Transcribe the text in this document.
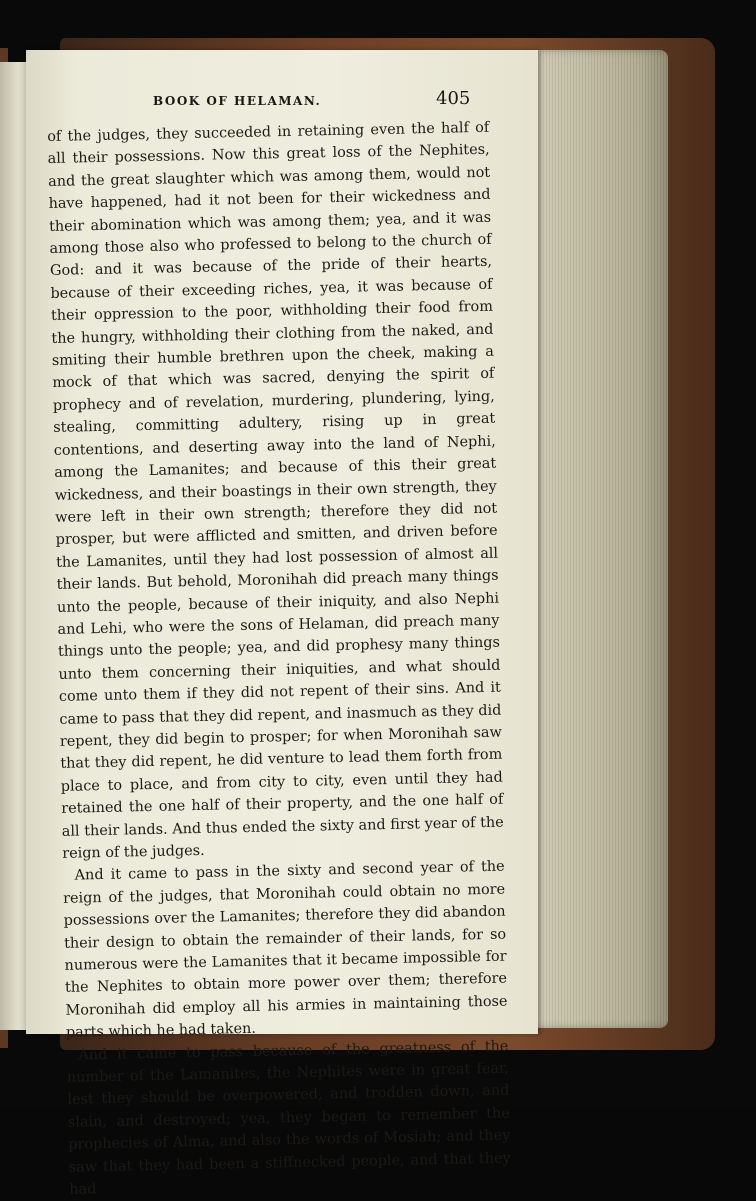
BOOK OF HELAMAN.	405

of the judges, they succeeded in retaining even the half of all their possessions. Now this great loss of the Nephites, and the great slaughter which was among them, would not have happened, had it not been for their wickedness and their abomination which was among them; yea, and it was among those also who professed to belong to the church of God: and it was because of the pride of their hearts, because of their exceeding riches, yea, it was because of their oppression to the poor, withholding their food from the hungry, withholding their clothing from the naked, and smiting their humble brethren upon the cheek, making a mock of that which was sacred, denying the spirit of prophecy and of revelation, murdering, plundering, lying, stealing, committing adultery, rising up in great contentions, and deserting away into the land of Nephi, among the Lamanites; and because of this their great wickedness, and their boastings in their own strength, they were left in their own strength; therefore they did not prosper, but were afflicted and smitten, and driven before the Lamanites, until they had lost possession of almost all their lands. But behold, Moronihah did preach many things unto the people, because of their iniquity, and also Nephi and Lehi, who were the sons of Helaman, did preach many things unto the people; yea, and did prophesy many things unto them concerning their iniquities, and what should come unto them if they did not repent of their sins. And it came to pass that they did repent, and inasmuch as they did repent, they did begin to prosper; for when Moronihah saw that they did repent, he did venture to lead them forth from place to place, and from city to city, even until they had retained the one half of their property, and the one half of all their lands. And thus ended the sixty and first year of the reign of the judges.

And it came to pass in the sixty and second year of the reign of the judges, that Moronihah could obtain no more possessions over the Lamanites; therefore they did abandon their design to obtain the remainder of their lands, for so numerous were the Lamanites that it became impossible for the Nephites to obtain more power over them; therefore Moronihah did employ all his armies in maintaining those parts which he had taken.

And it came to pass because of the greatness of the number of the Lamanites, the Nephites were in great fear, lest they should be overpowered, and trodden down, and slain, and destroyed; yea, they began to remember the prophecies of Alma, and also the words of Mosiah; and they saw that they had been a stiffnecked people, and that they had
